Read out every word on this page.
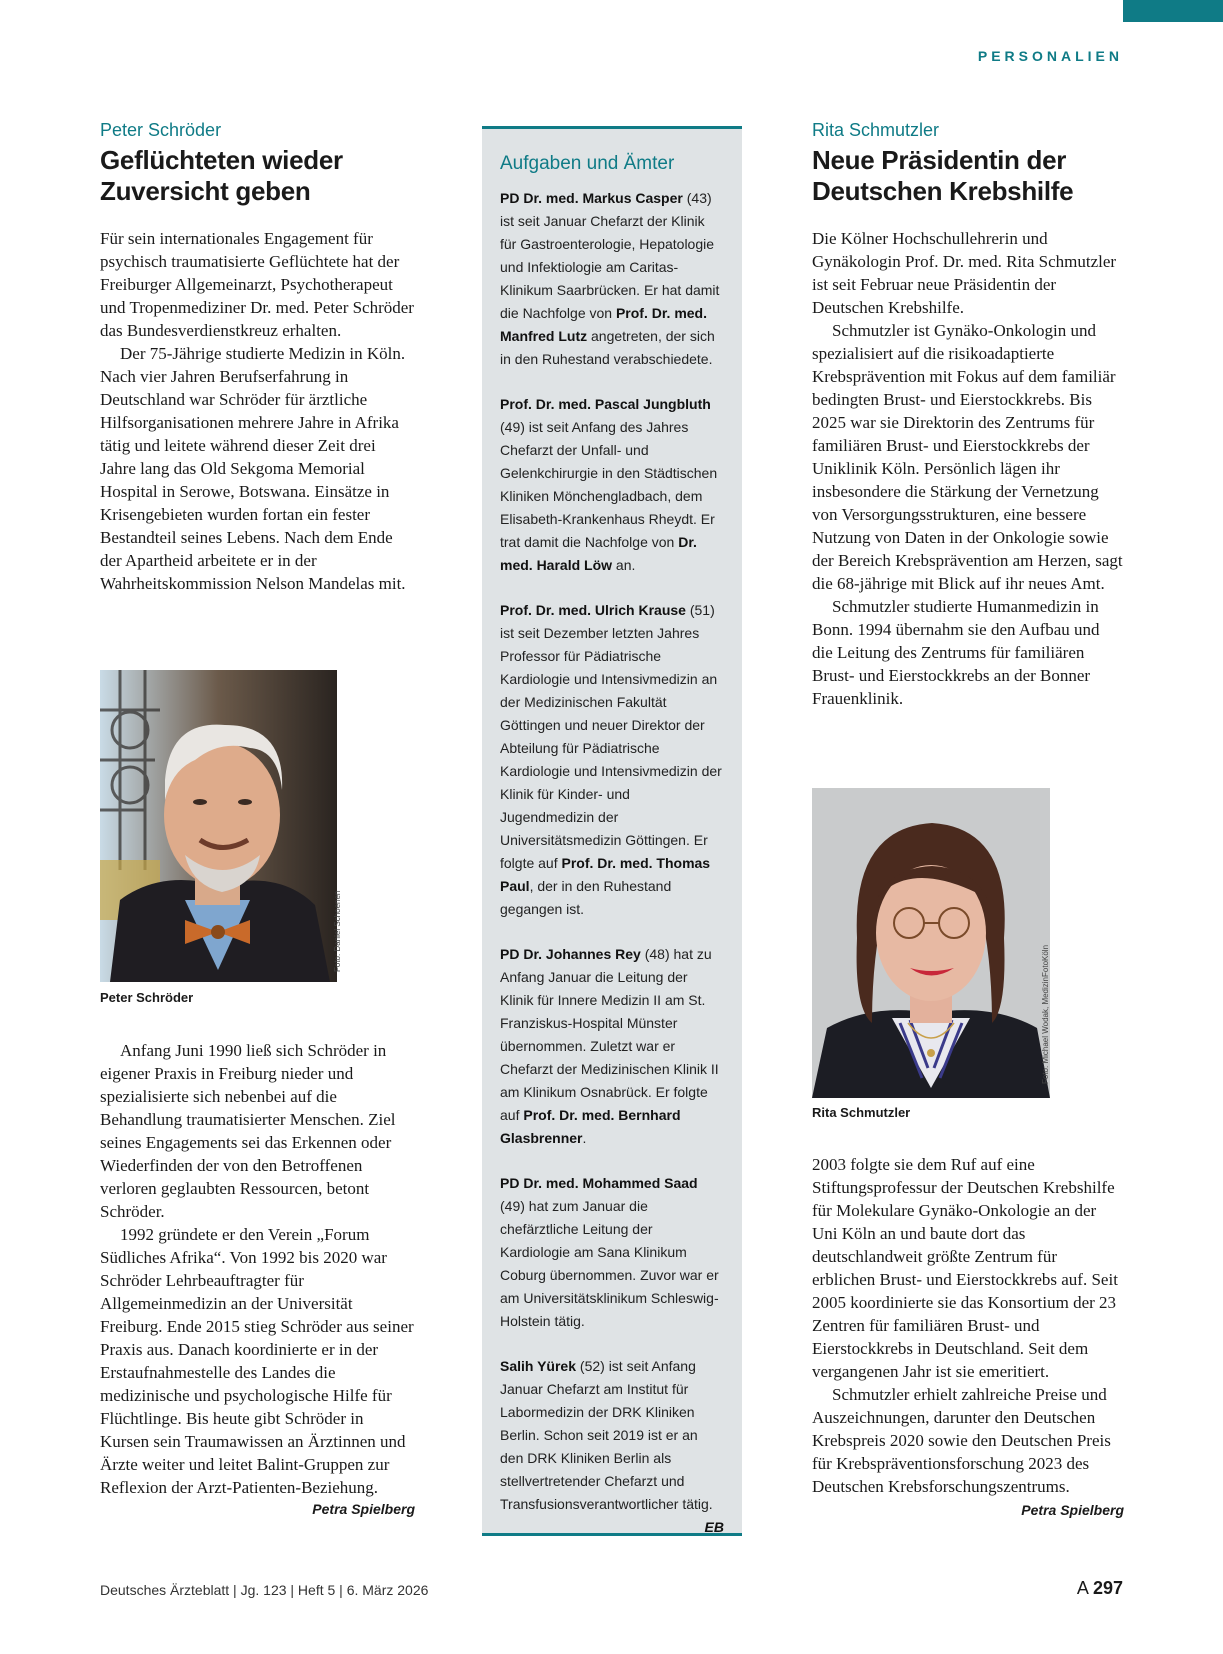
PERSONALIEN
Peter Schröder
Geflüchteten wieder Zuversicht geben

Für sein internationales Engagement für psychisch traumatisierte Geflüchtete hat der Freiburger Allgemeinarzt, Psychotherapeut und Tropenmediziner Dr. med. Peter Schröder das Bundesverdienstkreuz erhalten.

Der 75-Jährige studierte Medizin in Köln. Nach vier Jahren Berufserfahrung in Deutschland war Schröder für ärztliche Hilfsorganisationen mehrere Jahre in Afrika tätig und leitete während dieser Zeit drei Jahre lang das Old Sekgoma Memorial Hospital in Serowe, Botswana. Einsätze in Krisengebieten wurden fortan ein fester Bestandteil seines Lebens. Nach dem Ende der Apartheid arbeitete er in der Wahrheitskommission Nelson Mandelas mit.

Foto: Daniel Schoenen
Peter Schröder

Anfang Juni 1990 ließ sich Schröder in eigener Praxis in Freiburg nieder und spezialisierte sich nebenbei auf die Behandlung traumatisierter Menschen. Ziel seines Engagements sei das Erkennen oder Wiederfinden der von den Betroffenen verloren geglaubten Ressourcen, betont Schröder.

1992 gründete er den Verein „Forum Südliches Afrika“. Von 1992 bis 2020 war Schröder Lehrbeauftragter für Allgemeinmedizin an der Universität Freiburg. Ende 2015 stieg Schröder aus seiner Praxis aus. Danach koordinierte er in der Erstaufnahmestelle des Landes die medizinische und psychologische Hilfe für Flüchtlinge. Bis heute gibt Schröder in Kursen sein Traumawissen an Ärztinnen und Ärzte weiter und leitet Balint-Gruppen zur Reflexion der Arzt-Patienten-Beziehung.

Petra Spielberg
Aufgaben und Ämter

PD Dr. med. Markus Casper (43) ist seit Januar Chefarzt der Klinik für Gastroenterologie, Hepatologie und Infektiologie am Caritas-Klinikum Saarbrücken. Er hat damit die Nachfolge von Prof. Dr. med. Manfred Lutz angetreten, der sich in den Ruhestand verabschiedete.

Prof. Dr. med. Pascal Jungbluth (49) ist seit Anfang des Jahres Chefarzt der Unfall- und Gelenkchirurgie in den Städtischen Kliniken Mönchengladbach, dem Elisabeth-Krankenhaus Rheydt. Er trat damit die Nachfolge von Dr. med. Harald Löw an.

Prof. Dr. med. Ulrich Krause (51) ist seit Dezember letzten Jahres Professor für Pädiatrische Kardiologie und Intensivmedizin an der Medizinischen Fakultät Göttingen und neuer Direktor der Abteilung für Pädiatrische Kardiologie und Intensivmedizin der Klinik für Kinder- und Jugendmedizin der Universitätsmedizin Göttingen. Er folgte auf Prof. Dr. med. Thomas Paul, der in den Ruhestand gegangen ist.

PD Dr. Johannes Rey (48) hat zu Anfang Januar die Leitung der Klinik für Innere Medizin II am St. Franziskus-Hospital Münster übernommen. Zuletzt war er Chefarzt der Medizinischen Klinik II am Klinikum Osnabrück. Er folgte auf Prof. Dr. med. Bernhard Glasbrenner.

PD Dr. med. Mohammed Saad (49) hat zum Januar die chefärztliche Leitung der Kardiologie am Sana Klinikum Coburg übernommen. Zuvor war er am Universitätsklinikum Schleswig-Holstein tätig.

Salih Yürek (52) ist seit Anfang Januar Chefarzt am Institut für Labormedizin der DRK Kliniken Berlin. Schon seit 2019 ist er an den DRK Kliniken Berlin als stellvertretender Chefarzt und Transfusionsverantwortlicher tätig.
EB

Rita Schmutzler
Neue Präsidentin der Deutschen Krebshilfe

Die Kölner Hochschullehrerin und Gynäkologin Prof. Dr. med. Rita Schmutzler ist seit Februar neue Präsidentin der Deutschen Krebshilfe.

Schmutzler ist Gynäko-Onkologin und spezialisiert auf die risikoadaptierte Krebsprävention mit Fokus auf dem familiär bedingten Brust- und Eierstockkrebs. Bis 2025 war sie Direktorin des Zentrums für familiären Brust- und Eierstockkrebs der Uniklinik Köln. Persönlich lägen ihr insbesondere die Stärkung der Vernetzung von Versorgungsstrukturen, eine bessere Nutzung von Daten in der Onkologie sowie der Bereich Krebsprävention am Herzen, sagt die 68-jährige mit Blick auf ihr neues Amt.

Schmutzler studierte Humanmedizin in Bonn. 1994 übernahm sie den Aufbau und die Leitung des Zentrums für familiären Brust- und Eierstockkrebs an der Bonner Frauenklinik.

Foto: Michael Wodak, MedizinFotoKöln
Rita Schmutzler

2003 folgte sie dem Ruf auf eine Stiftungsprofessur der Deutschen Krebshilfe für Molekulare Gynäko-Onkologie an der Uni Köln an und baute dort das deutschlandweit größte Zentrum für erblichen Brust- und Eierstockkrebs auf. Seit 2005 koordinierte sie das Konsortium der 23 Zentren für familiären Brust- und Eierstockkrebs in Deutschland. Seit dem vergangenen Jahr ist sie emeritiert.

Schmutzler erhielt zahlreiche Preise und Auszeichnungen, darunter den Deutschen Krebspreis 2020 sowie den Deutschen Preis für Krebspräventionsforschung 2023 des Deutschen Krebsforschungszentrums.
Petra Spielberg

Deutsches Ärzteblatt | Jg. 123 | Heft 5 | 6. März 2026	A 297
